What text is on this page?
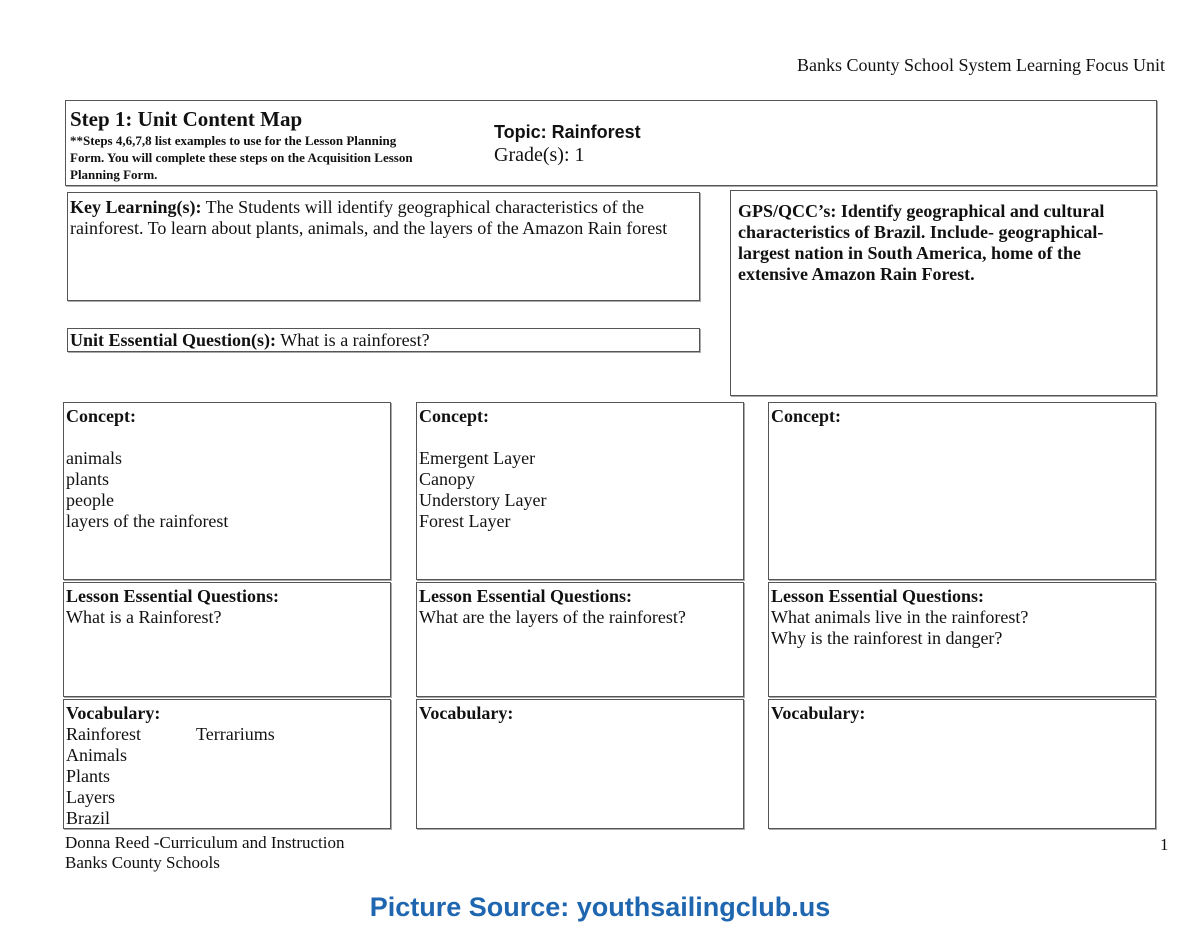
Banks County School System Learning Focus Unit
Step 1: Unit Content Map
**Steps 4,6,7,8 list examples to use for the Lesson Planning
Form. You will complete these steps on the Acquisition Lesson
Planning Form.
Topic: Rainforest
Grade(s): 1
Key Learning(s): The Students will identify geographical characteristics of the
rainforest. To learn about plants, animals, and the layers of the Amazon Rain forest
GPS/QCC’s: Identify geographical and cultural
characteristics of Brazil. Include- geographical-
largest nation in South America, home of the
extensive Amazon Rain Forest.
Unit Essential Question(s): What is a rainforest?
Concept:

animals
plants
people
layers of the rainforest
Lesson Essential Questions:
What is a Rainforest?
Vocabulary:
Rainforest
Animals
Plants
Layers
Brazil
Terrariums
Concept:

Emergent Layer
Canopy
Understory Layer
Forest Layer
Lesson Essential Questions:
What are the layers of the rainforest?
Vocabulary:
Concept:
Lesson Essential Questions:
What animals live in the rainforest?
Why is the rainforest in danger?
Vocabulary:
Donna Reed -Curriculum and Instruction
Banks County Schools
1
Picture Source: youthsailingclub.us
